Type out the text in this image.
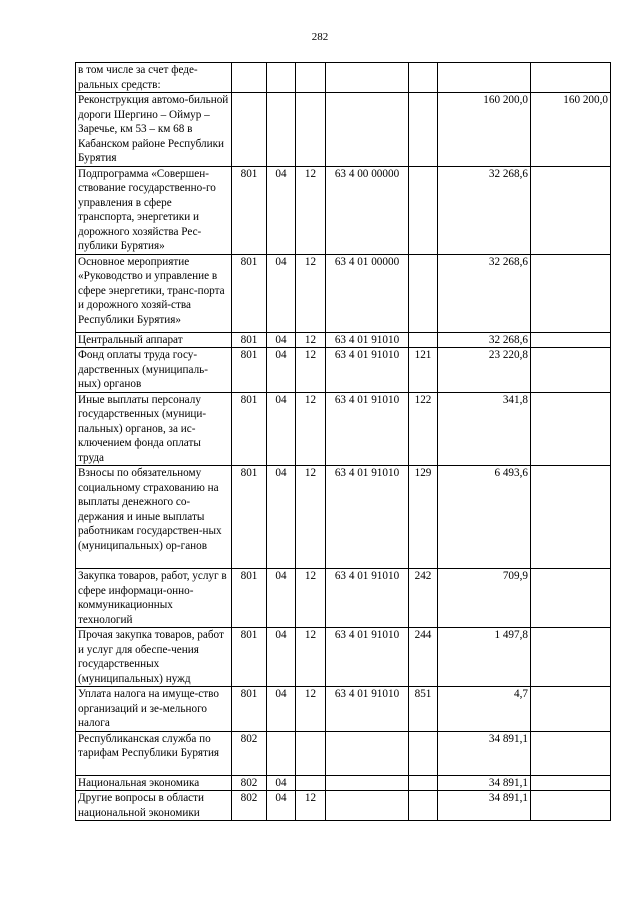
282
в том числе за счет феде-ральных средств:							
Реконструкция автомо-бильной дороги Шергино – Оймур – Заречье, км 53 – км 68 в Кабанском районе Республики Бурятия						160 200,0	160 200,0
Подпрограмма «Совершен-ствование государственно-го управления в сфере транспорта, энергетики и дорожного хозяйства Рес-публики Бурятия»	801	04	12	63 4 00 00000		32 268,6	
Основное мероприятие «Руководство и управление в сфере энергетики, транс-порта и дорожного хозяй-ства Республики Бурятия»	801	04	12	63 4 01 00000		32 268,6	
Центральный аппарат	801	04	12	63 4 01 91010		32 268,6	
Фонд оплаты труда госу-дарственных (муниципаль-ных) органов	801	04	12	63 4 01 91010	121	23 220,8	
Иные выплаты персоналу государственных (муници-пальных) органов, за ис-ключением фонда оплаты труда	801	04	12	63 4 01 91010	122	341,8	
Взносы по обязательному социальному страхованию на выплаты денежного со-держания и иные выплаты работникам государствен-ных (муниципальных) ор-ганов	801	04	12	63 4 01 91010	129	6 493,6	
Закупка товаров, работ, услуг в сфере информаци-онно-коммуникационных технологий	801	04	12	63 4 01 91010	242	709,9	
Прочая закупка товаров, работ и услуг для обеспе-чения государственных (муниципальных) нужд	801	04	12	63 4 01 91010	244	1 497,8	
Уплата налога на имуще-ство организаций и зе-мельного налога	801	04	12	63 4 01 91010	851	4,7	
Республиканская служба по тарифам Республики Бурятия	802					34 891,1	
Национальная экономика	802	04				34 891,1	
Другие вопросы в области национальной экономики	802	04	12			34 891,1	
